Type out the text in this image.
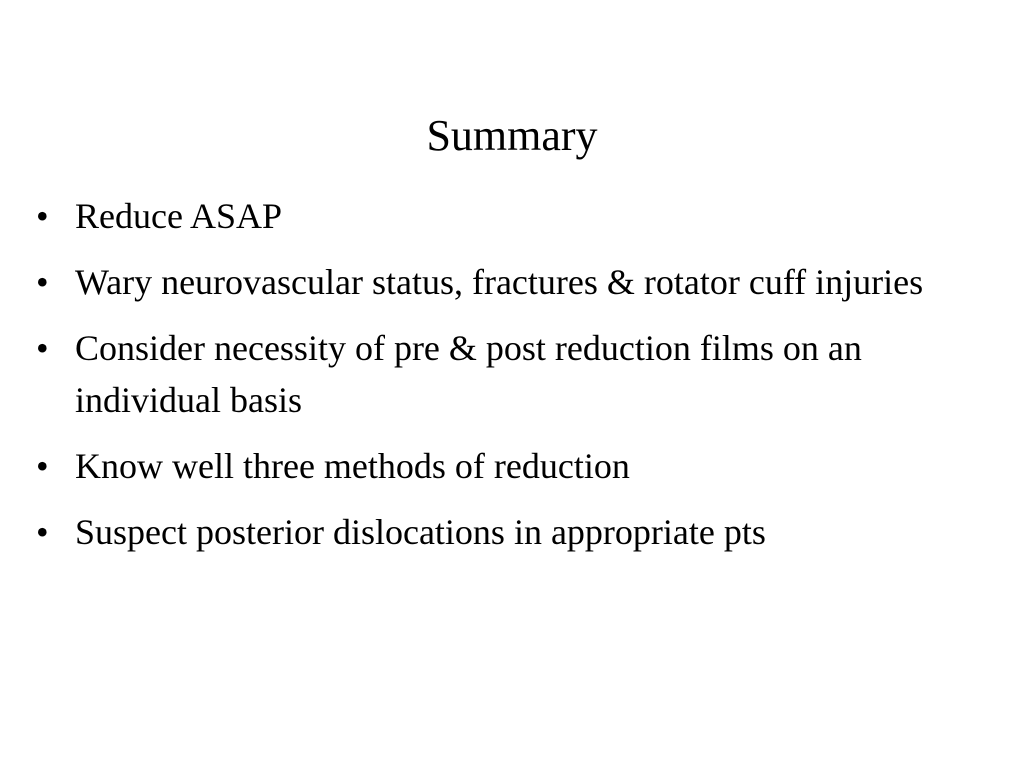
Summary
• Reduce ASAP
• Wary neurovascular status, fractures & rotator cuff injuries
• Consider necessity of pre & post reduction films on an individual basis
• Know well three methods of reduction
• Suspect posterior dislocations in appropriate pts
